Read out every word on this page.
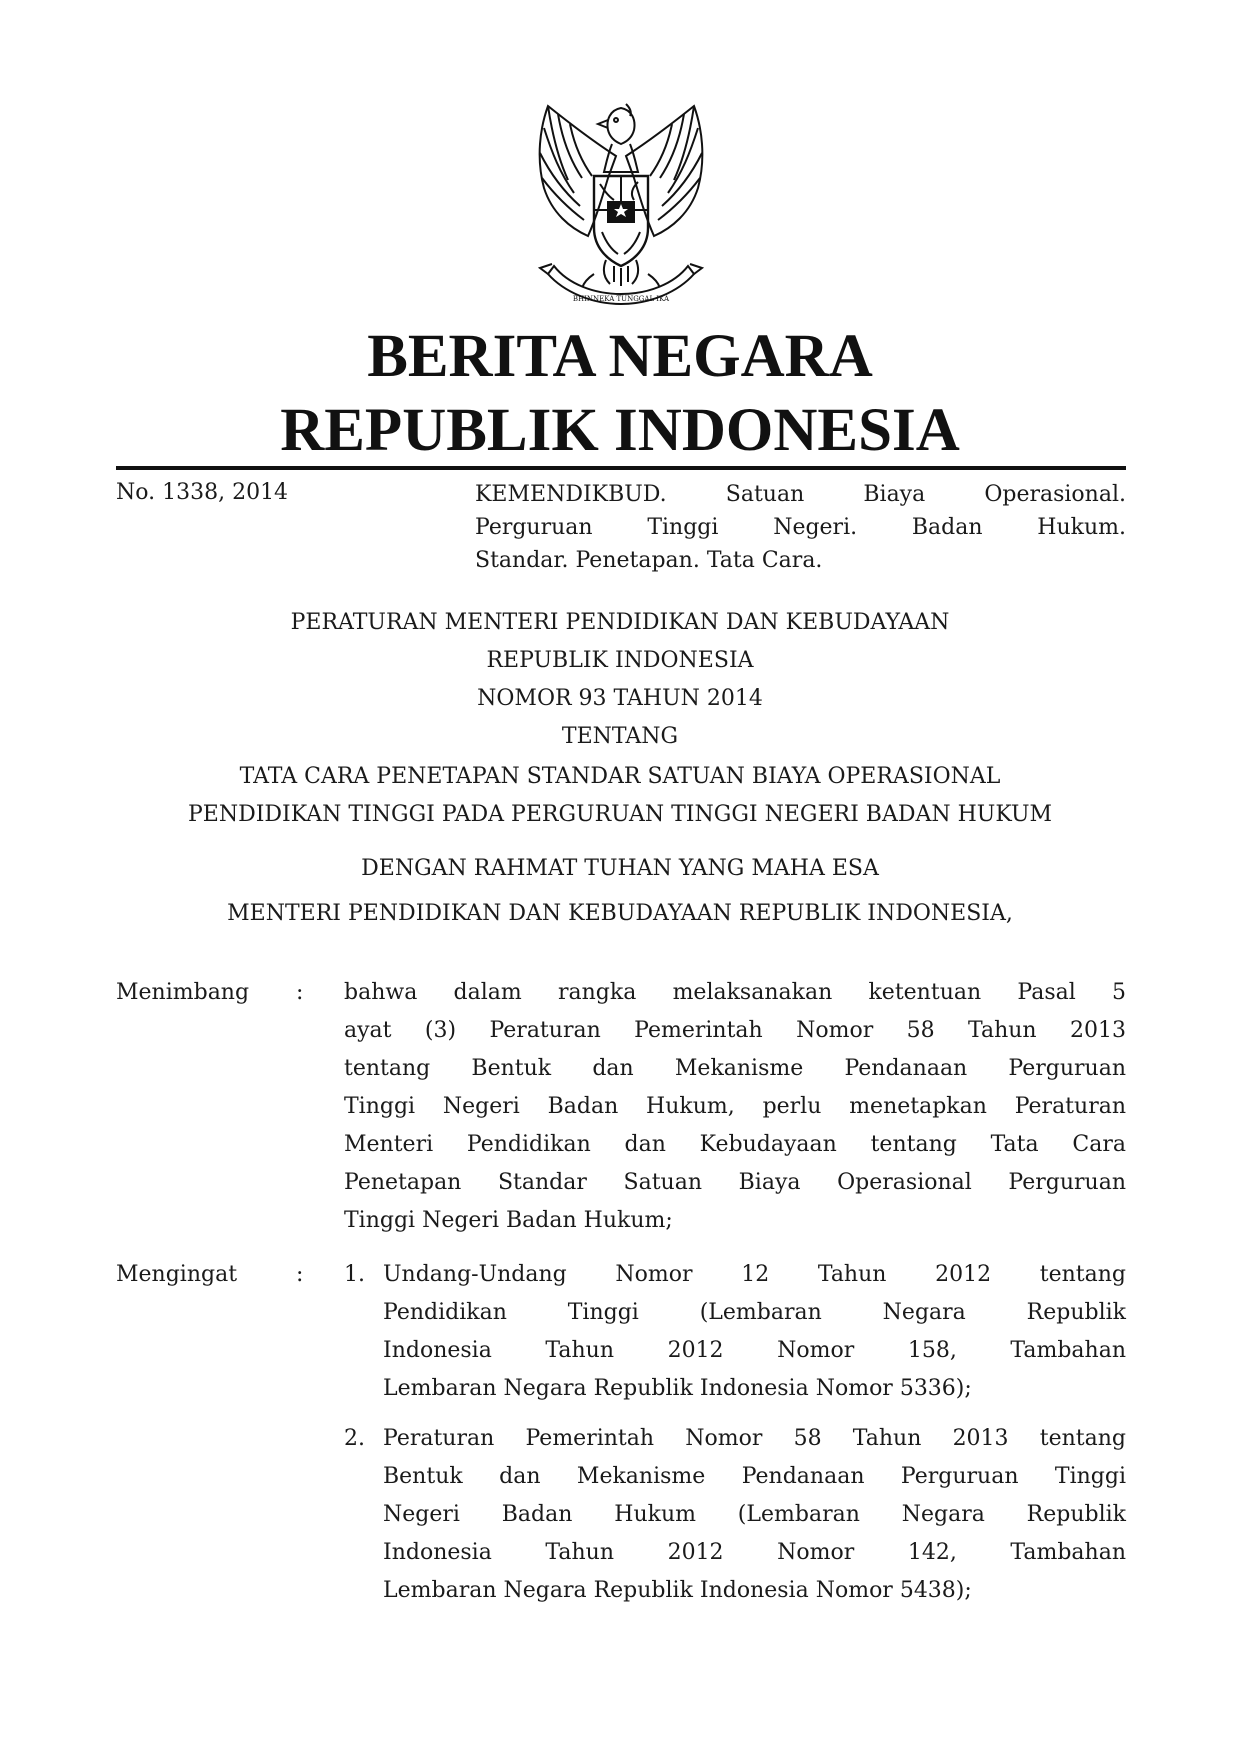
BHINNEKA TUNGGAL IKA
BERITA NEGARA
REPUBLIK INDONESIA
No. 1338, 2014	KEMENDIKBUD. Satuan Biaya Operasional.
Perguruan Tinggi Negeri. Badan Hukum.
Standar. Penetapan. Tata Cara.
PERATURAN MENTERI PENDIDIKAN DAN KEBUDAYAAN
REPUBLIK INDONESIA
NOMOR 93 TAHUN 2014
TENTANG
TATA CARA PENETAPAN STANDAR SATUAN BIAYA OPERASIONAL
PENDIDIKAN TINGGI PADA PERGURUAN TINGGI NEGERI BADAN HUKUM
DENGAN RAHMAT TUHAN YANG MAHA ESA
MENTERI PENDIDIKAN DAN KEBUDAYAAN REPUBLIK INDONESIA,
Menimbang : bahwa dalam rangka melaksanakan ketentuan Pasal 5
ayat (3) Peraturan Pemerintah Nomor 58 Tahun 2013
tentang Bentuk dan Mekanisme Pendanaan Perguruan
Tinggi Negeri Badan Hukum, perlu menetapkan Peraturan
Menteri Pendidikan dan Kebudayaan tentang Tata Cara
Penetapan Standar Satuan Biaya Operasional Perguruan
Tinggi Negeri Badan Hukum;
Mengingat	: 1. Undang-Undang Nomor 12 Tahun 2012 tentang
Pendidikan Tinggi (Lembaran Negara Republik
Indonesia Tahun 2012 Nomor 158, Tambahan
Lembaran Negara Republik Indonesia Nomor 5336);
2. Peraturan Pemerintah Nomor 58 Tahun 2013 tentang
Bentuk dan Mekanisme Pendanaan Perguruan Tinggi
Negeri Badan Hukum (Lembaran Negara Republik
Indonesia Tahun 2012 Nomor 142, Tambahan
Lembaran Negara Republik Indonesia Nomor 5438);
